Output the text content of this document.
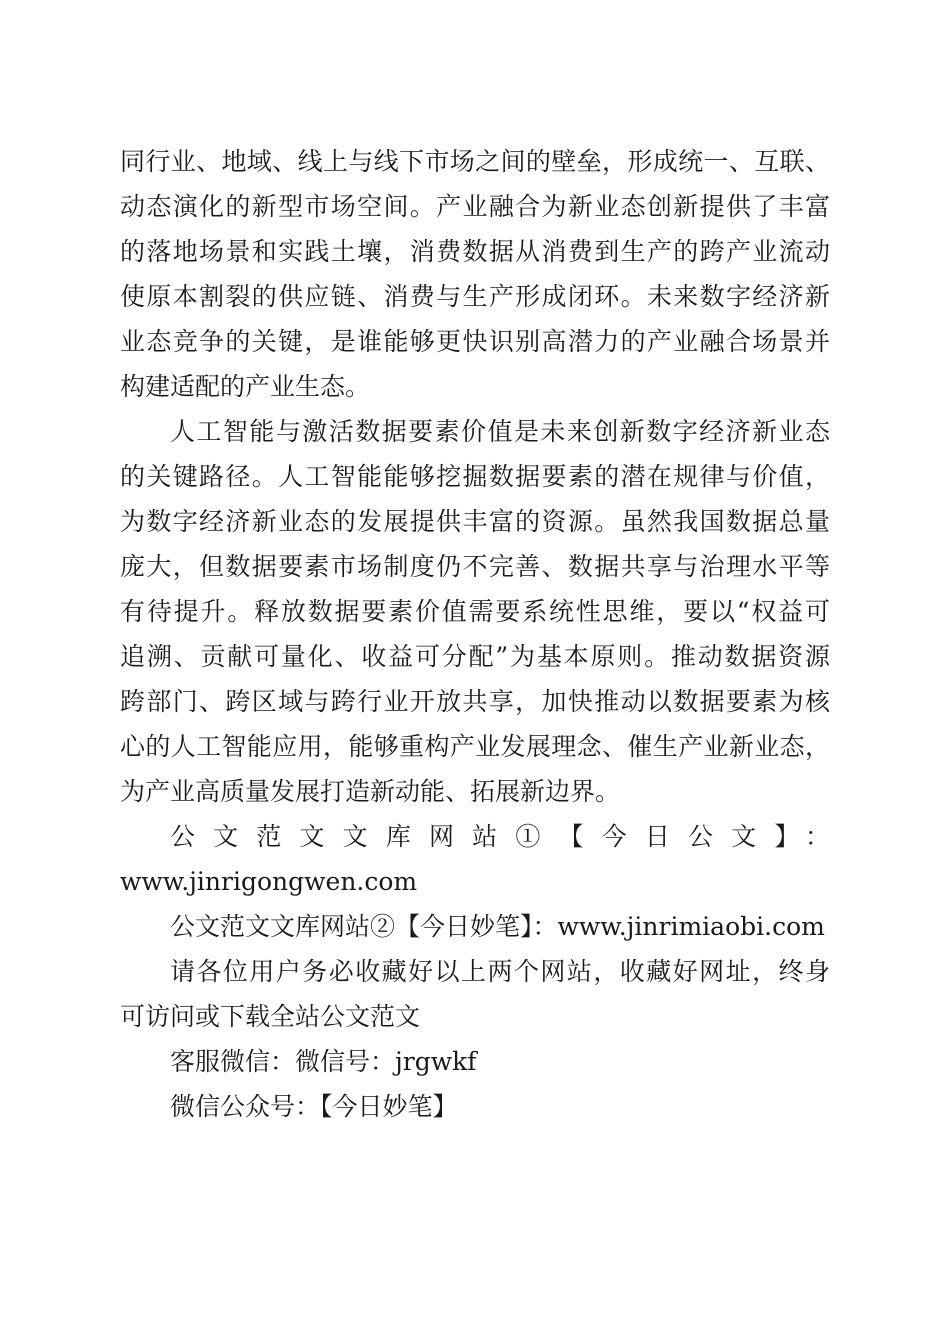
同行业、地域、线上与线下市场之间的壁垒，形成统一、互联、
动态演化的新型市场空间。产业融合为新业态创新提供了丰富
的落地场景和实践土壤，消费数据从消费到生产的跨产业流动
使原本割裂的供应链、消费与生产形成闭环。未来数字经济新
业态竞争的关键，是谁能够更快识别高潜力的产业融合场景并
构建适配的产业生态。
人工智能与激活数据要素价值是未来创新数字经济新业态
的关键路径。人工智能能够挖掘数据要素的潜在规律与价值，
为数字经济新业态的发展提供丰富的资源。虽然我国数据总量
庞大，但数据要素市场制度仍不完善、数据共享与治理水平等
有待提升。释放数据要素价值需要系统性思维，要以“权益可
追溯、贡献可量化、收益可分配”为基本原则。推动数据资源
跨部门、跨区域与跨行业开放共享，加快推动以数据要素为核
心的人工智能应用，能够重构产业发展理念、催生产业新业态，
为产业高质量发展打造新动能、拓展新边界。
公文范文文库网站①【今日公文】：
www.jinrigongwen.com
公文范文文库网站②【今日妙笔】：www.jinrimiaobi.com
请各位用户务必收藏好以上两个网站，收藏好网址，终身
可访问或下载全站公文范文
客服微信：微信号：jrgwkf
微信公众号：【今日妙笔】
